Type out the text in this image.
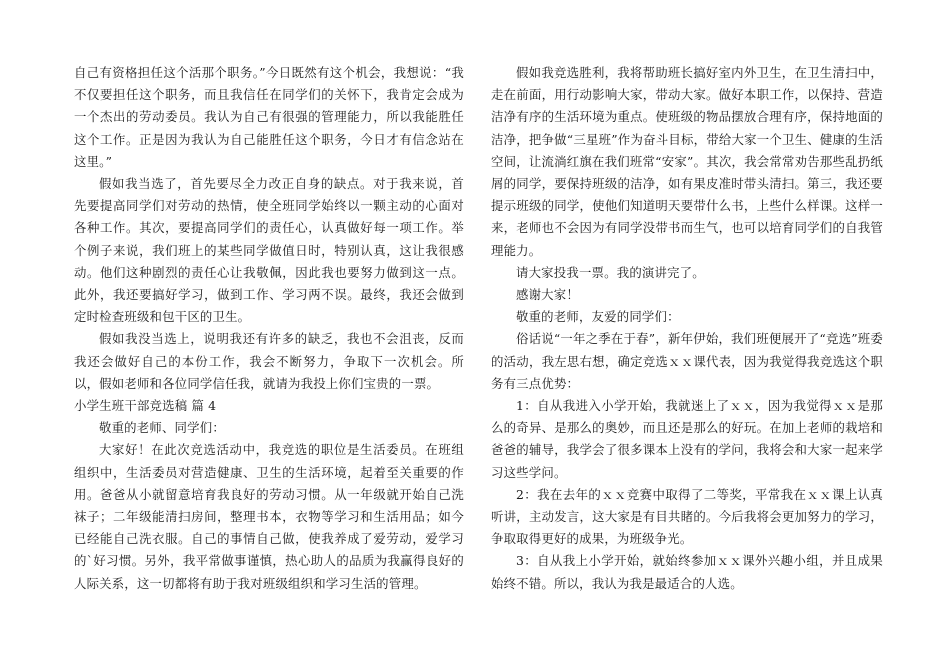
自己有资格担任这个活那个职务。”今日既然有这个机会，我想说：“我不仅要担任这个职务，而且我信任在同学们的关怀下，我肯定会成为一个杰出的劳动委员。我认为自己有很强的管理能力，所以我能胜任这个工作。正是因为我认为自己能胜任这个职务，今日才有信念站在这里。”

假如我当选了，首先要尽全力改正自身的缺点。对于我来说，首先要提高同学们对劳动的热情，使全班同学始终以一颗主动的心面对各种工作。其次，要提高同学们的责任心，认真做好每一项工作。举个例子来说，我们班上的某些同学做值日时，特别认真，这让我很感动。他们这种剧烈的责任心让我敬佩，因此我也要努力做到这一点。此外，我还要搞好学习，做到工作、学习两不误。最终，我还会做到定时检查班级和包干区的卫生。

假如我没当选上，说明我还有许多的缺乏，我也不会沮丧，反而我还会做好自己的本份工作，我会不断努力，争取下一次机会。所以，假如老师和各位同学信任我，就请为我投上你们宝贵的一票。

小学生班干部竞选稿 篇 4

敬重的老师、同学们：

大家好！在此次竞选活动中，我竞选的职位是生活委员。在班组组织中，生活委员对营造健康、卫生的生活环境，起着至关重要的作用。爸爸从小就留意培育我良好的劳动习惯。从一年级就开始自己洗袜子；二年级能清扫房间，整理书本，衣物等学习和生活用品；如今已经能自己洗衣服。自己的事情自己做，使我养成了爱劳动，爱学习的`好习惯。另外，我平常做事谨慎，热心助人的品质为我赢得良好的人际关系，这一切都将有助于我对班级组织和学习生活的管理。

假如我竞选胜利，我将帮助班长搞好室内外卫生，在卫生清扫中，走在前面，用行动影响大家，带动大家。做好本职工作，以保持、营造洁净有序的生活环境为重点。使班级的物品摆放合理有序，保持地面的洁净，把争做“三星班”作为奋斗目标，带给大家一个卫生、健康的生活空间，让流淌红旗在我们班常“安家”。其次，我会常常劝告那些乱扔纸屑的同学，要保持班级的洁净，如有果皮准时带头清扫。第三，我还要提示班级的同学，使他们知道明天要带什么书，上些什么样课。这样一来，老师也不会因为有同学没带书而生气，也可以培育同学们的自我管理能力。

请大家投我一票。我的演讲完了。

感谢大家！

敬重的老师，友爱的同学们：

俗话说“一年之季在于春”，新年伊始，我们班便展开了“竞选”班委的活动，我左思右想，确定竞选ｘｘ课代表，因为我觉得我竞选这个职务有三点优势：

1：自从我进入小学开始，我就迷上了ｘｘ，因为我觉得ｘｘ是那么的奇异、是那么的奥妙，而且还是那么的好玩。在加上老师的栽培和爸爸的辅导，我学会了很多课本上没有的学问，我将会和大家一起来学习这些学问。

2：我在去年的ｘｘ竞赛中取得了二等奖，平常我在ｘｘ课上认真听讲，主动发言，这大家是有目共睹的。今后我将会更加努力的学习，争取取得更好的成果，为班级争光。

3：自从我上小学开始，就始终参加ｘｘ课外兴趣小组，并且成果始终不错。所以，我认为我是最适合的人选。
